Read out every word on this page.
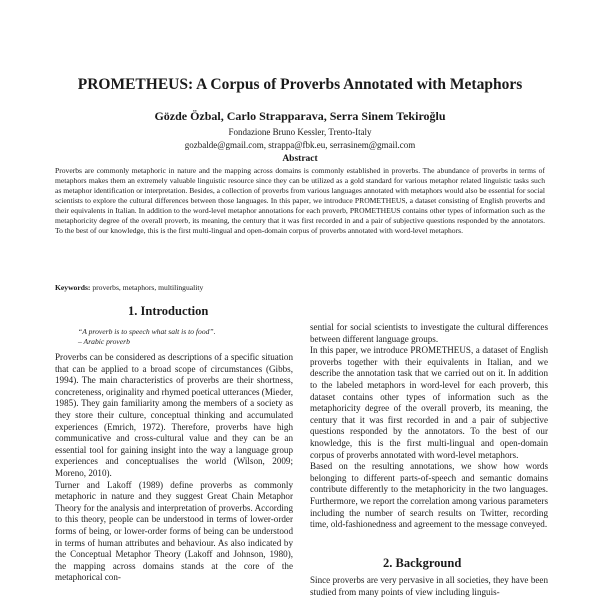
PROMETHEUS: A Corpus of Proverbs Annotated with Metaphors
Gözde Özbal, Carlo Strapparava, Serra Sinem Tekiroğlu
Fondazione Bruno Kessler, Trento-Italy
gozbalde@gmail.com, strappa@fbk.eu, serrasinem@gmail.com
Abstract
Proverbs are commonly metaphoric in nature and the mapping across domains is commonly established in proverbs. The abundance of proverbs in terms of metaphors makes them an extremely valuable linguistic resource since they can be utilized as a gold standard for various metaphor related linguistic tasks such as metaphor identification or interpretation. Besides, a collection of proverbs from various languages annotated with metaphors would also be essential for social scientists to explore the cultural differences between those languages. In this paper, we introduce PROMETHEUS, a dataset consisting of English proverbs and their equivalents in Italian. In addition to the word-level metaphor annotations for each proverb, PROMETHEUS contains other types of information such as the metaphoricity degree of the overall proverb, its meaning, the century that it was first recorded in and a pair of subjective questions responded by the annotators. To the best of our knowledge, this is the first multi-lingual and open-domain corpus of proverbs annotated with word-level metaphors.
Keywords: proverbs, metaphors, multilinguality
1. Introduction
“A proverb is to speech what salt is to food”.
– Arabic proverb

Proverbs can be considered as descriptions of a specific situation that can be applied to a broad scope of circumstances (Gibbs, 1994). The main characteristics of proverbs are their shortness, concreteness, originality and rhymed poetical utterances (Mieder, 1985). They gain familiarity among the members of a society as they store their culture, conceptual thinking and accumulated experiences (Emrich, 1972). Therefore, proverbs have high communicative and cross-cultural value and they can be an essential tool for gaining insight into the way a language group experiences and conceptualises the world (Wilson, 2009; Moreno, 2010).

Turner and Lakoff (1989) define proverbs as commonly metaphoric in nature and they suggest Great Chain Metaphor Theory for the analysis and interpretation of proverbs. According to this theory, people can be understood in terms of lower-order forms of being, or lower-order forms of being can be understood in terms of human attributes and behaviour. As also indicated by the Conceptual Metaphor Theory (Lakoff and Johnson, 1980), the mapping across domains stands at the core of the metaphorical con-

sential for social scientists to investigate the cultural differences between different language groups.

In this paper, we introduce PROMETHEUS, a dataset of English proverbs together with their equivalents in Italian, and we describe the annotation task that we carried out on it. In addition to the labeled metaphors in word-level for each proverb, this dataset contains other types of information such as the metaphoricity degree of the overall proverb, its meaning, the century that it was first recorded in and a pair of subjective questions responded by the annotators. To the best of our knowledge, this is the first multi-lingual and open-domain corpus of proverbs annotated with word-level metaphors.

Based on the resulting annotations, we show how words belonging to different parts-of-speech and semantic domains contribute differently to the metaphoricity in the two languages. Furthermore, we report the correlation among various parameters including the number of search results on Twitter, recording time, old-fashionedness and agreement to the message conveyed.

2. Background

Since proverbs are very pervasive in all societies, they have been studied from many points of view including linguis-
